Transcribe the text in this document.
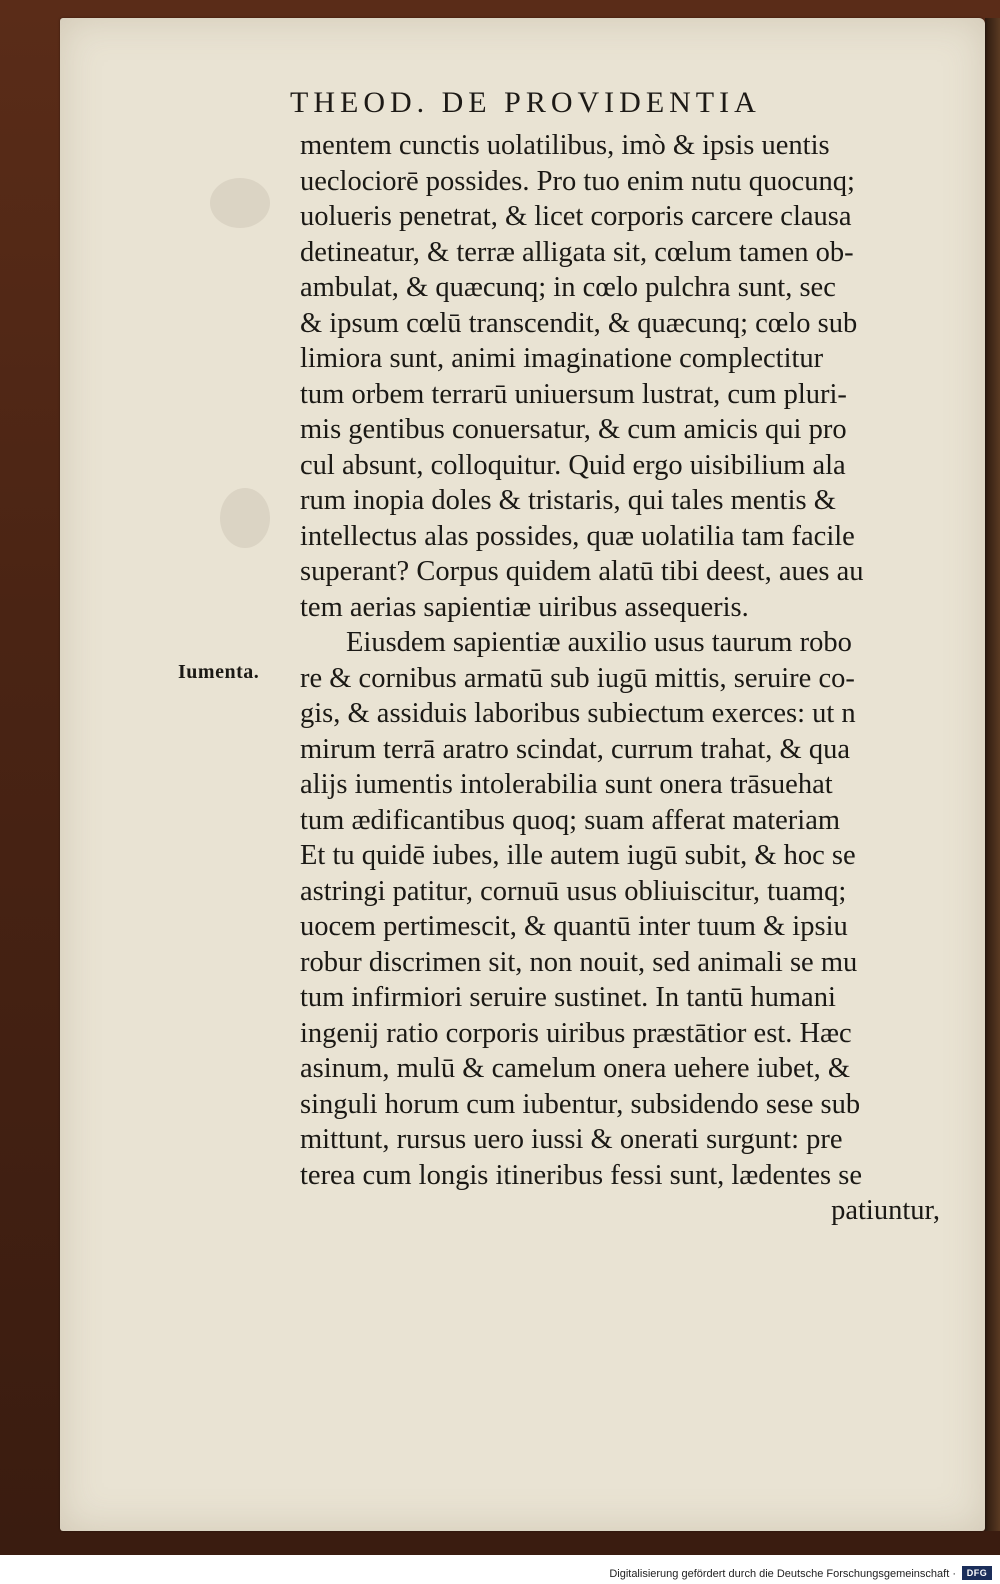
THEOD. DE PROVIDENTIA
Iumenta.
mentem cunctis uolatilibus, imò & ipsis uentis
ueclociorē possides. Pro tuo enim nutu quocunq;
uolueris penetrat, & licet corporis carcere clausa
detineatur, & terræ alligata sit, cœlum tamen ob-
ambulat, & quæcunq; in cœlo pulchra sunt, sec
& ipsum cœlū transcendit, & quæcunq; cœlo sub
limiora sunt, animi imaginatione complectitur
tum orbem terrarū uniuersum lustrat, cum pluri-
mis gentibus conuersatur, & cum amicis qui pro
cul absunt, colloquitur. Quid ergo uisibilium ala
rum inopia doles & tristaris, qui tales mentis &
intellectus alas possides, quæ uolatilia tam facile
superant? Corpus quidem alatū tibi deest, aues au
tem aerias sapientiæ uiribus assequeris.
Eiusdem sapientiæ auxilio usus taurum robo
re & cornibus armatū sub iugū mittis, seruire co-
gis, & assiduis laboribus subiectum exerces: ut n
mirum terrā aratro scindat, currum trahat, & qua
alijs iumentis intolerabilia sunt onera trāsuehat
tum ædificantibus quoq; suam afferat materiam
Et tu quidē iubes, ille autem iugū subit, & hoc se
astringi patitur, cornuū usus obliuiscitur, tuamq;
uocem pertimescit, & quantū inter tuum & ipsiu
robur discrimen sit, non nouit, sed animali se mu
tum infirmiori seruire sustinet. In tantū humani
ingenij ratio corporis uiribus præstātior est. Hæc
asinum, mulū & camelum onera uehere iubet, &
singuli horum cum iubentur, subsidendo sese sub
mittunt, rursus uero iussi & onerati surgunt: pre
terea cum longis itineribus fessi sunt, lædentes se
patiuntur,
Digitalisierung gefördert durch die Deutsche Forschungsgemeinschaft ·	DFG
